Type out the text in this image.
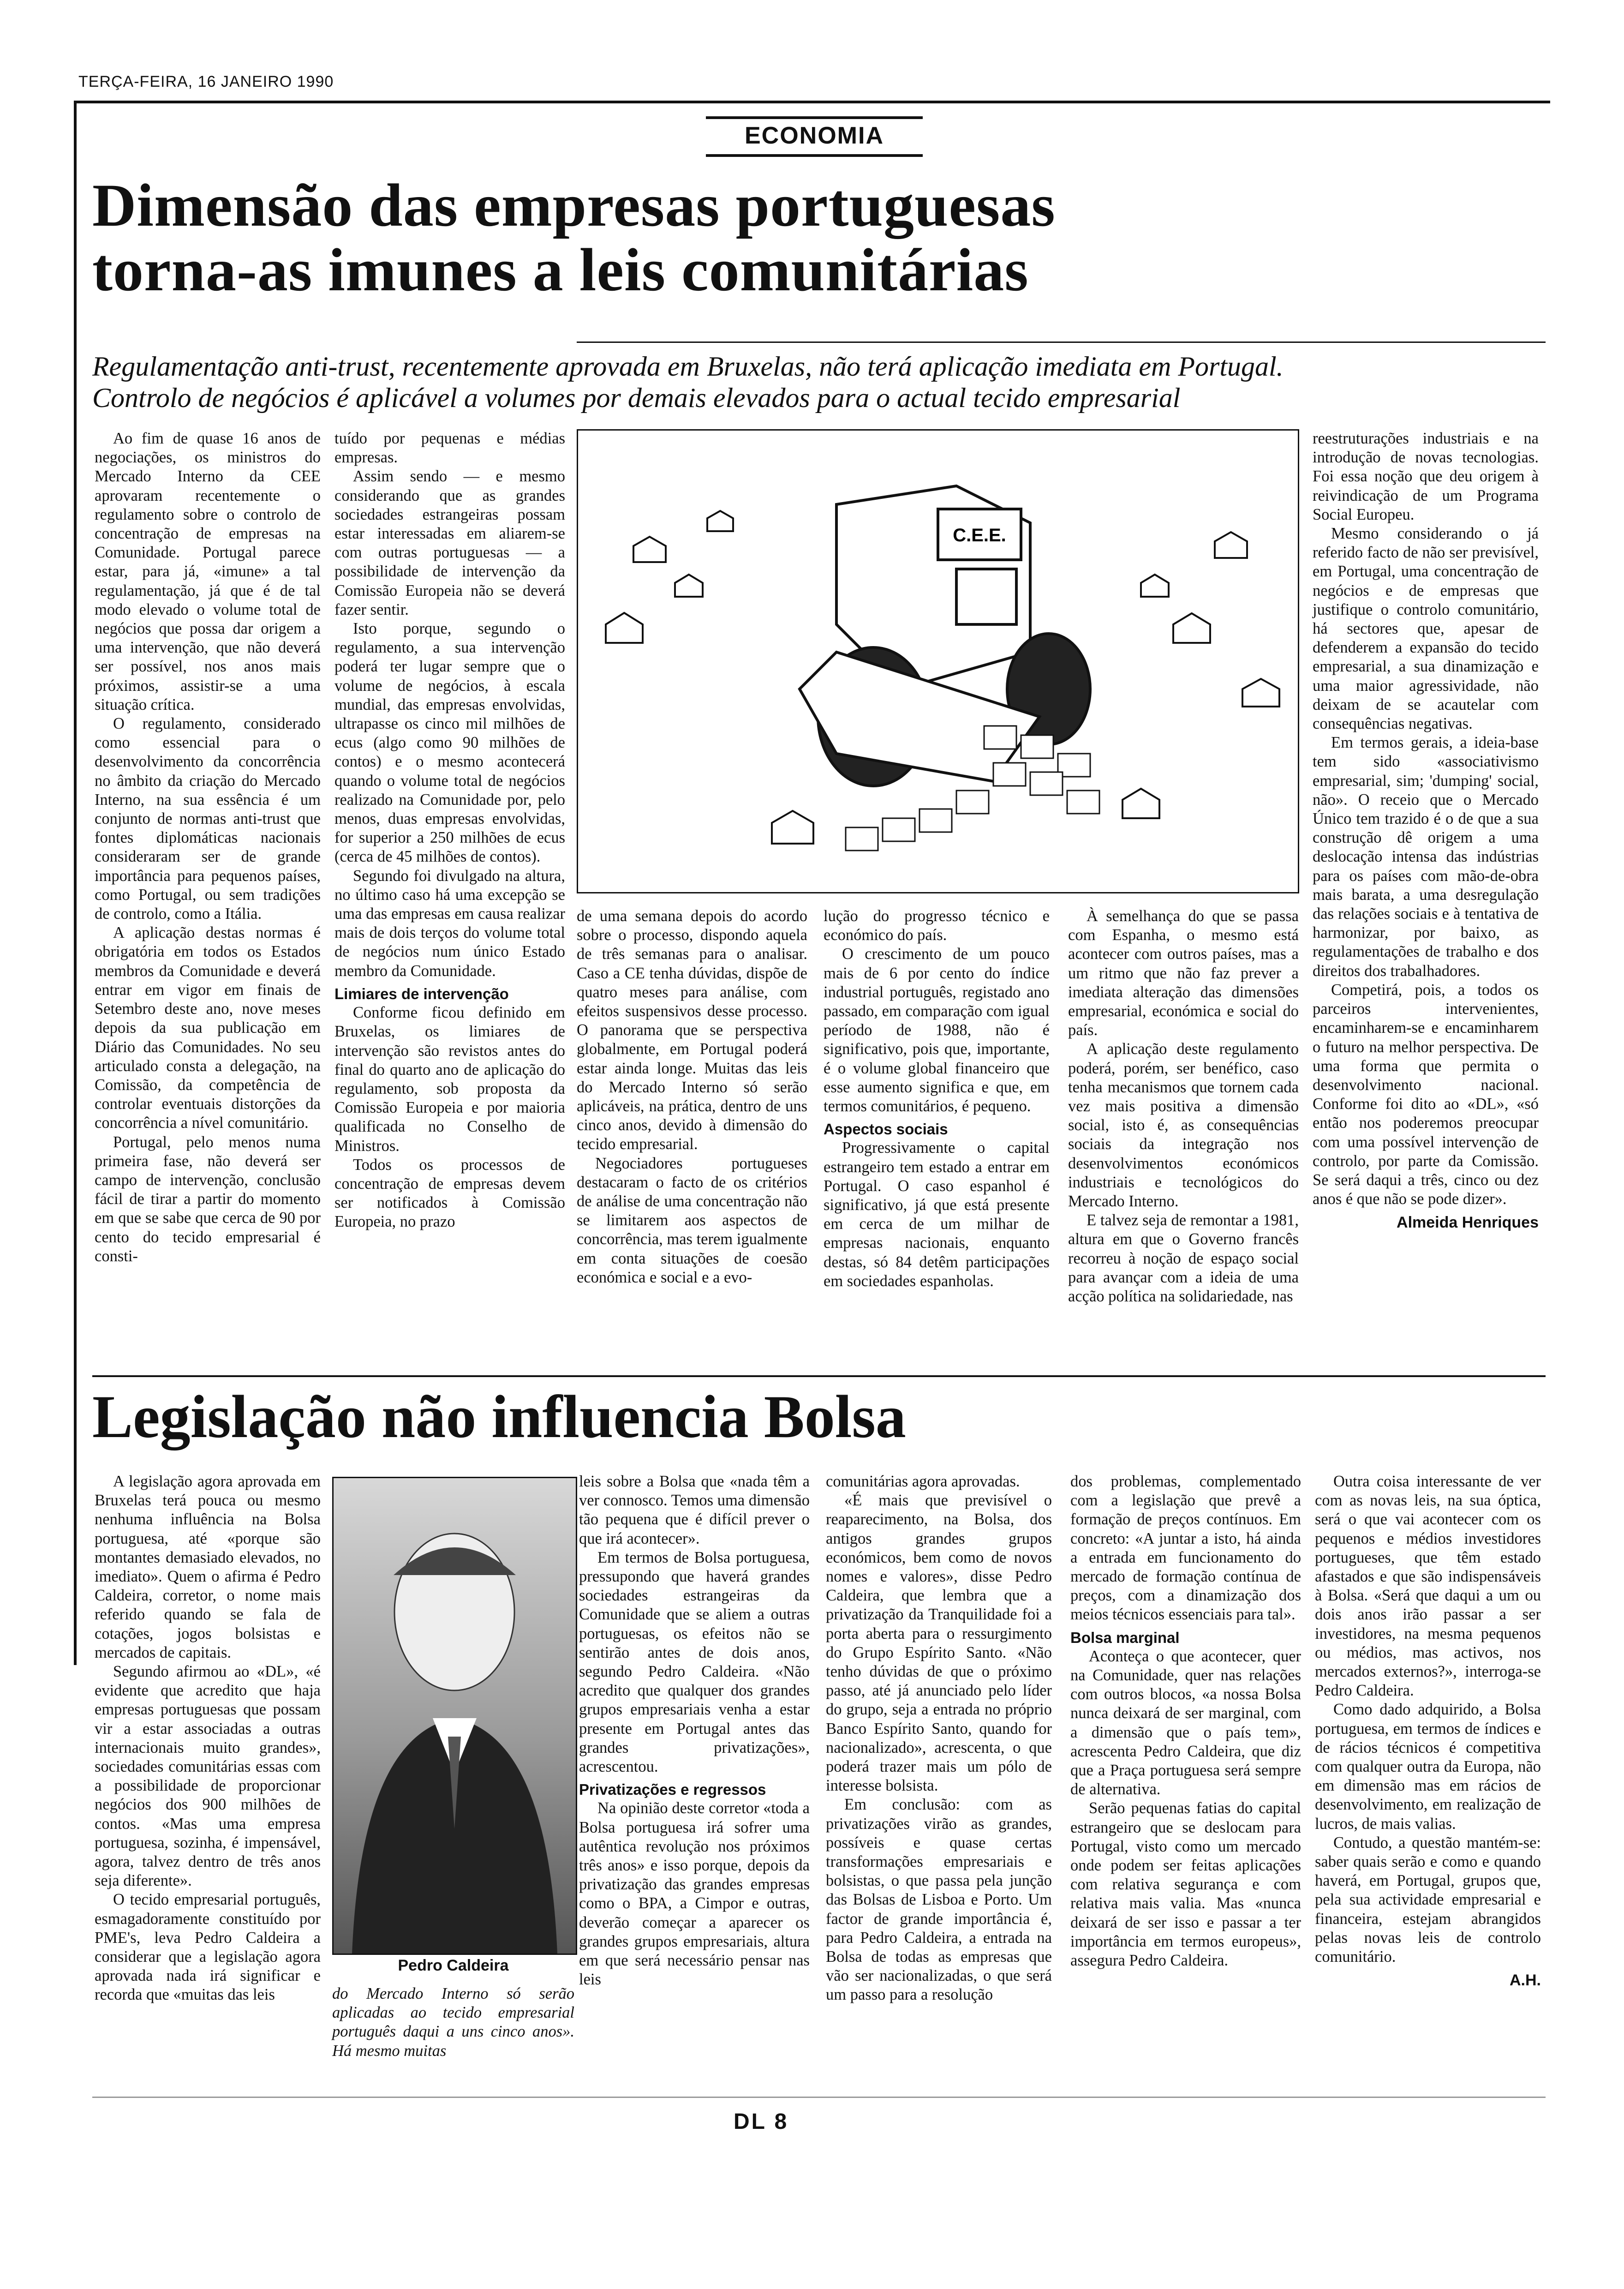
TERÇA-FEIRA, 16 JANEIRO 1990
ECONOMIA
Dimensão das empresas portuguesas
torna-as imunes a leis comunitárias
Regulamentação anti-trust, recentemente aprovada em Bruxelas, não terá aplicação imediata em Portugal.
Controlo de negócios é aplicável a volumes por demais elevados para o actual tecido empresarial

Ao fim de quase 16 anos de negociações, os ministros do Mercado Interno da CEE aprovaram recentemente o regulamento sobre o controlo de concentração de empresas na Comunidade. Portugal parece estar, para já, «imune» a tal regulamentação, já que é de tal modo elevado o volume total de negócios que possa dar origem a uma intervenção, que não deverá ser possível, nos anos mais próximos, assistir-se a uma situação crítica.

O regulamento, considerado como essencial para o desenvolvimento da concorrência no âmbito da criação do Mercado Interno, na sua essência é um conjunto de normas anti-trust que fontes diplomáticas nacionais consideraram ser de grande importância para pequenos países, como Portugal, ou sem tradições de controlo, como a Itália.

A aplicação destas normas é obrigatória em todos os Estados membros da Comunidade e deverá entrar em vigor em finais de Setembro deste ano, nove meses depois da sua publicação em Diário das Comunidades. No seu articulado consta a delegação, na Comissão, da competência de controlar eventuais distorções da concorrência a nível comunitário.

Portugal, pelo menos numa primeira fase, não deverá ser campo de intervenção, conclusão fácil de tirar a partir do momento em que se sabe que cerca de 90 por cento do tecido empresarial é consti-

tuído por pequenas e médias empresas.

Assim sendo — e mesmo considerando que as grandes sociedades estrangeiras possam estar interessadas em aliarem-se com outras portuguesas — a possibilidade de intervenção da Comissão Europeia não se deverá fazer sentir.

Isto porque, segundo o regulamento, a sua intervenção poderá ter lugar sempre que o volume de negócios, à escala mundial, das empresas envolvidas, ultrapasse os cinco mil milhões de ecus (algo como 90 milhões de contos) e o mesmo acontecerá quando o volume total de negócios realizado na Comunidade por, pelo menos, duas empresas envolvidas, for superior a 250 milhões de ecus (cerca de 45 milhões de contos).

Segundo foi divulgado na altura, no último caso há uma excepção se uma das empresas em causa realizar mais de dois terços do volume total de negócios num único Estado membro da Comunidade.

Limiares de intervenção

Conforme ficou definido em Bruxelas, os limiares de intervenção são revistos antes do final do quarto ano de aplicação do regulamento, sob proposta da Comissão Europeia e por maioria qualificada no Conselho de Ministros.

Todos os processos de concentração de empresas devem ser notificados à Comissão Europeia, no prazo

C.E.E.

de uma semana depois do acordo sobre o processo, dispondo aquela de três semanas para o analisar. Caso a CE tenha dúvidas, dispõe de quatro meses para análise, com efeitos suspensivos desse processo. O panorama que se perspectiva globalmente, em Portugal poderá estar ainda longe. Muitas das leis do Mercado Interno só serão aplicáveis, na prática, dentro de uns cinco anos, devido à dimensão do tecido empresarial.

Negociadores portugueses destacaram o facto de os critérios de análise de uma concentração não se limitarem aos aspectos de concorrência, mas terem igualmente em conta situações de coesão económica e social e a evo-

lução do progresso técnico e económico do país.

O crescimento de um pouco mais de 6 por cento do índice industrial português, registado ano passado, em comparação com igual período de 1988, não é significativo, pois que, importante, é o volume global financeiro que esse aumento significa e que, em termos comunitários, é pequeno.

Aspectos sociais

Progressivamente o capital estrangeiro tem estado a entrar em Portugal. O caso espanhol é significativo, já que está presente em cerca de um milhar de empresas nacionais, enquanto destas, só 84 detêm participações em sociedades espanholas.

À semelhança do que se passa com Espanha, o mesmo está acontecer com outros países, mas a um ritmo que não faz prever a imediata alteração das dimensões empresarial, económica e social do país.

A aplicação deste regulamento poderá, porém, ser benéfico, caso tenha mecanismos que tornem cada vez mais positiva a dimensão social, isto é, as consequências sociais da integração nos desenvolvimentos económicos industriais e tecnológicos do Mercado Interno.

E talvez seja de remontar a 1981, altura em que o Governo francês recorreu à noção de espaço social para avançar com a ideia de uma acção política na solidariedade, nas

reestruturações industriais e na introdução de novas tecnologias. Foi essa noção que deu origem à reivindicação de um Programa Social Europeu.

Mesmo considerando o já referido facto de não ser previsível, em Portugal, uma concentração de negócios e de empresas que justifique o controlo comunitário, há sectores que, apesar de defenderem a expansão do tecido empresarial, a sua dinamização e uma maior agressividade, não deixam de se acautelar com consequências negativas.

Em termos gerais, a ideia-base tem sido «associativismo empresarial, sim; 'dumping' social, não». O receio que o Mercado Único tem trazido é o de que a sua construção dê origem a uma deslocação intensa das indústrias para os países com mão-de-obra mais barata, a uma desregulação das relações sociais e à tentativa de harmonizar, por baixo, as regulamentações de trabalho e dos direitos dos trabalhadores.

Competirá, pois, a todos os parceiros intervenientes, encaminharem-se e encaminharem o futuro na melhor perspectiva. De uma forma que permita o desenvolvimento nacional. Conforme foi dito ao «DL», «só então nos poderemos preocupar com uma possível intervenção de controlo, por parte da Comissão. Se será daqui a três, cinco ou dez anos é que não se pode dizer».

Almeida Henriques

Legislação não influencia Bolsa

A legislação agora aprovada em Bruxelas terá pouca ou mesmo nenhuma influência na Bolsa portuguesa, até «porque são montantes demasiado elevados, no imediato». Quem o afirma é Pedro Caldeira, corretor, o nome mais referido quando se fala de cotações, jogos bolsistas e mercados de capitais.

Segundo afirmou ao «DL», «é evidente que acredito que haja empresas portuguesas que possam vir a estar associadas a outras internacionais muito grandes», sociedades comunitárias essas com a possibilidade de proporcionar negócios dos 900 milhões de contos. «Mas uma empresa portuguesa, sozinha, é impensável, agora, talvez dentro de três anos seja diferente».

O tecido empresarial português, esmagadoramente constituído por PME's, leva Pedro Caldeira a considerar que a legislação agora aprovada nada irá significar e recorda que «muitas das leis

Pedro Caldeira

do Mercado Interno só serão aplicadas ao tecido empresarial português daqui a uns cinco anos». Há mesmo muitas

leis sobre a Bolsa que «nada têm a ver connosco. Temos uma dimensão tão pequena que é difícil prever o que irá acontecer».

Em termos de Bolsa portuguesa, pressupondo que haverá grandes sociedades estrangeiras da Comunidade que se aliem a outras portuguesas, os efeitos não se sentirão antes de dois anos, segundo Pedro Caldeira. «Não acredito que qualquer dos grandes grupos empresariais venha a estar presente em Portugal antes das grandes privatizações», acrescentou.

Privatizações e regressos

Na opinião deste corretor «toda a Bolsa portuguesa irá sofrer uma autêntica revolução nos próximos três anos» e isso porque, depois da privatização das grandes empresas como o BPA, a Cimpor e outras, deverão começar a aparecer os grandes grupos empresariais, altura em que será necessário pensar nas leis

comunitárias agora aprovadas.

«É mais que previsível o reaparecimento, na Bolsa, dos antigos grandes grupos económicos, bem como de novos nomes e valores», disse Pedro Caldeira, que lembra que a privatização da Tranquilidade foi a porta aberta para o ressurgimento do Grupo Espírito Santo. «Não tenho dúvidas de que o próximo passo, até já anunciado pelo líder do grupo, seja a entrada no próprio Banco Espírito Santo, quando for nacionalizado», acrescenta, o que poderá trazer mais um pólo de interesse bolsista.

Em conclusão: com as privatizações virão as grandes, possíveis e quase certas transformações empresariais e bolsistas, o que passa pela junção das Bolsas de Lisboa e Porto. Um factor de grande importância é, para Pedro Caldeira, a entrada na Bolsa de todas as empresas que vão ser nacionalizadas, o que será um passo para a resolução

dos problemas, complementado com a legislação que prevê a formação de preços contínuos. Em concreto: «A juntar a isto, há ainda a entrada em funcionamento do mercado de formação contínua de preços, com a dinamização dos meios técnicos essenciais para tal».

Bolsa marginal

Aconteça o que acontecer, quer na Comunidade, quer nas relações com outros blocos, «a nossa Bolsa nunca deixará de ser marginal, com a dimensão que o país tem», acrescenta Pedro Caldeira, que diz que a Praça portuguesa será sempre de alternativa.

Serão pequenas fatias do capital estrangeiro que se deslocam para Portugal, visto como um mercado onde podem ser feitas aplicações com relativa segurança e com relativa mais valia. Mas «nunca deixará de ser isso e passar a ter importância em termos europeus», assegura Pedro Caldeira.

Outra coisa interessante de ver com as novas leis, na sua óptica, será o que vai acontecer com os pequenos e médios investidores portugueses, que têm estado afastados e que são indispensáveis à Bolsa. «Será que daqui a um ou dois anos irão passar a ser investidores, na mesma pequenos ou médios, mas activos, nos mercados externos?», interroga-se Pedro Caldeira.

Como dado adquirido, a Bolsa portuguesa, em termos de índices e de rácios técnicos é competitiva com qualquer outra da Europa, não em dimensão mas em rácios de desenvolvimento, em realização de lucros, de mais valias.

Contudo, a questão mantém-se: saber quais serão e como e quando haverá, em Portugal, grupos que, pela sua actividade empresarial e financeira, estejam abrangidos pelas novas leis de controlo comunitário.

A.H.

DL 8
